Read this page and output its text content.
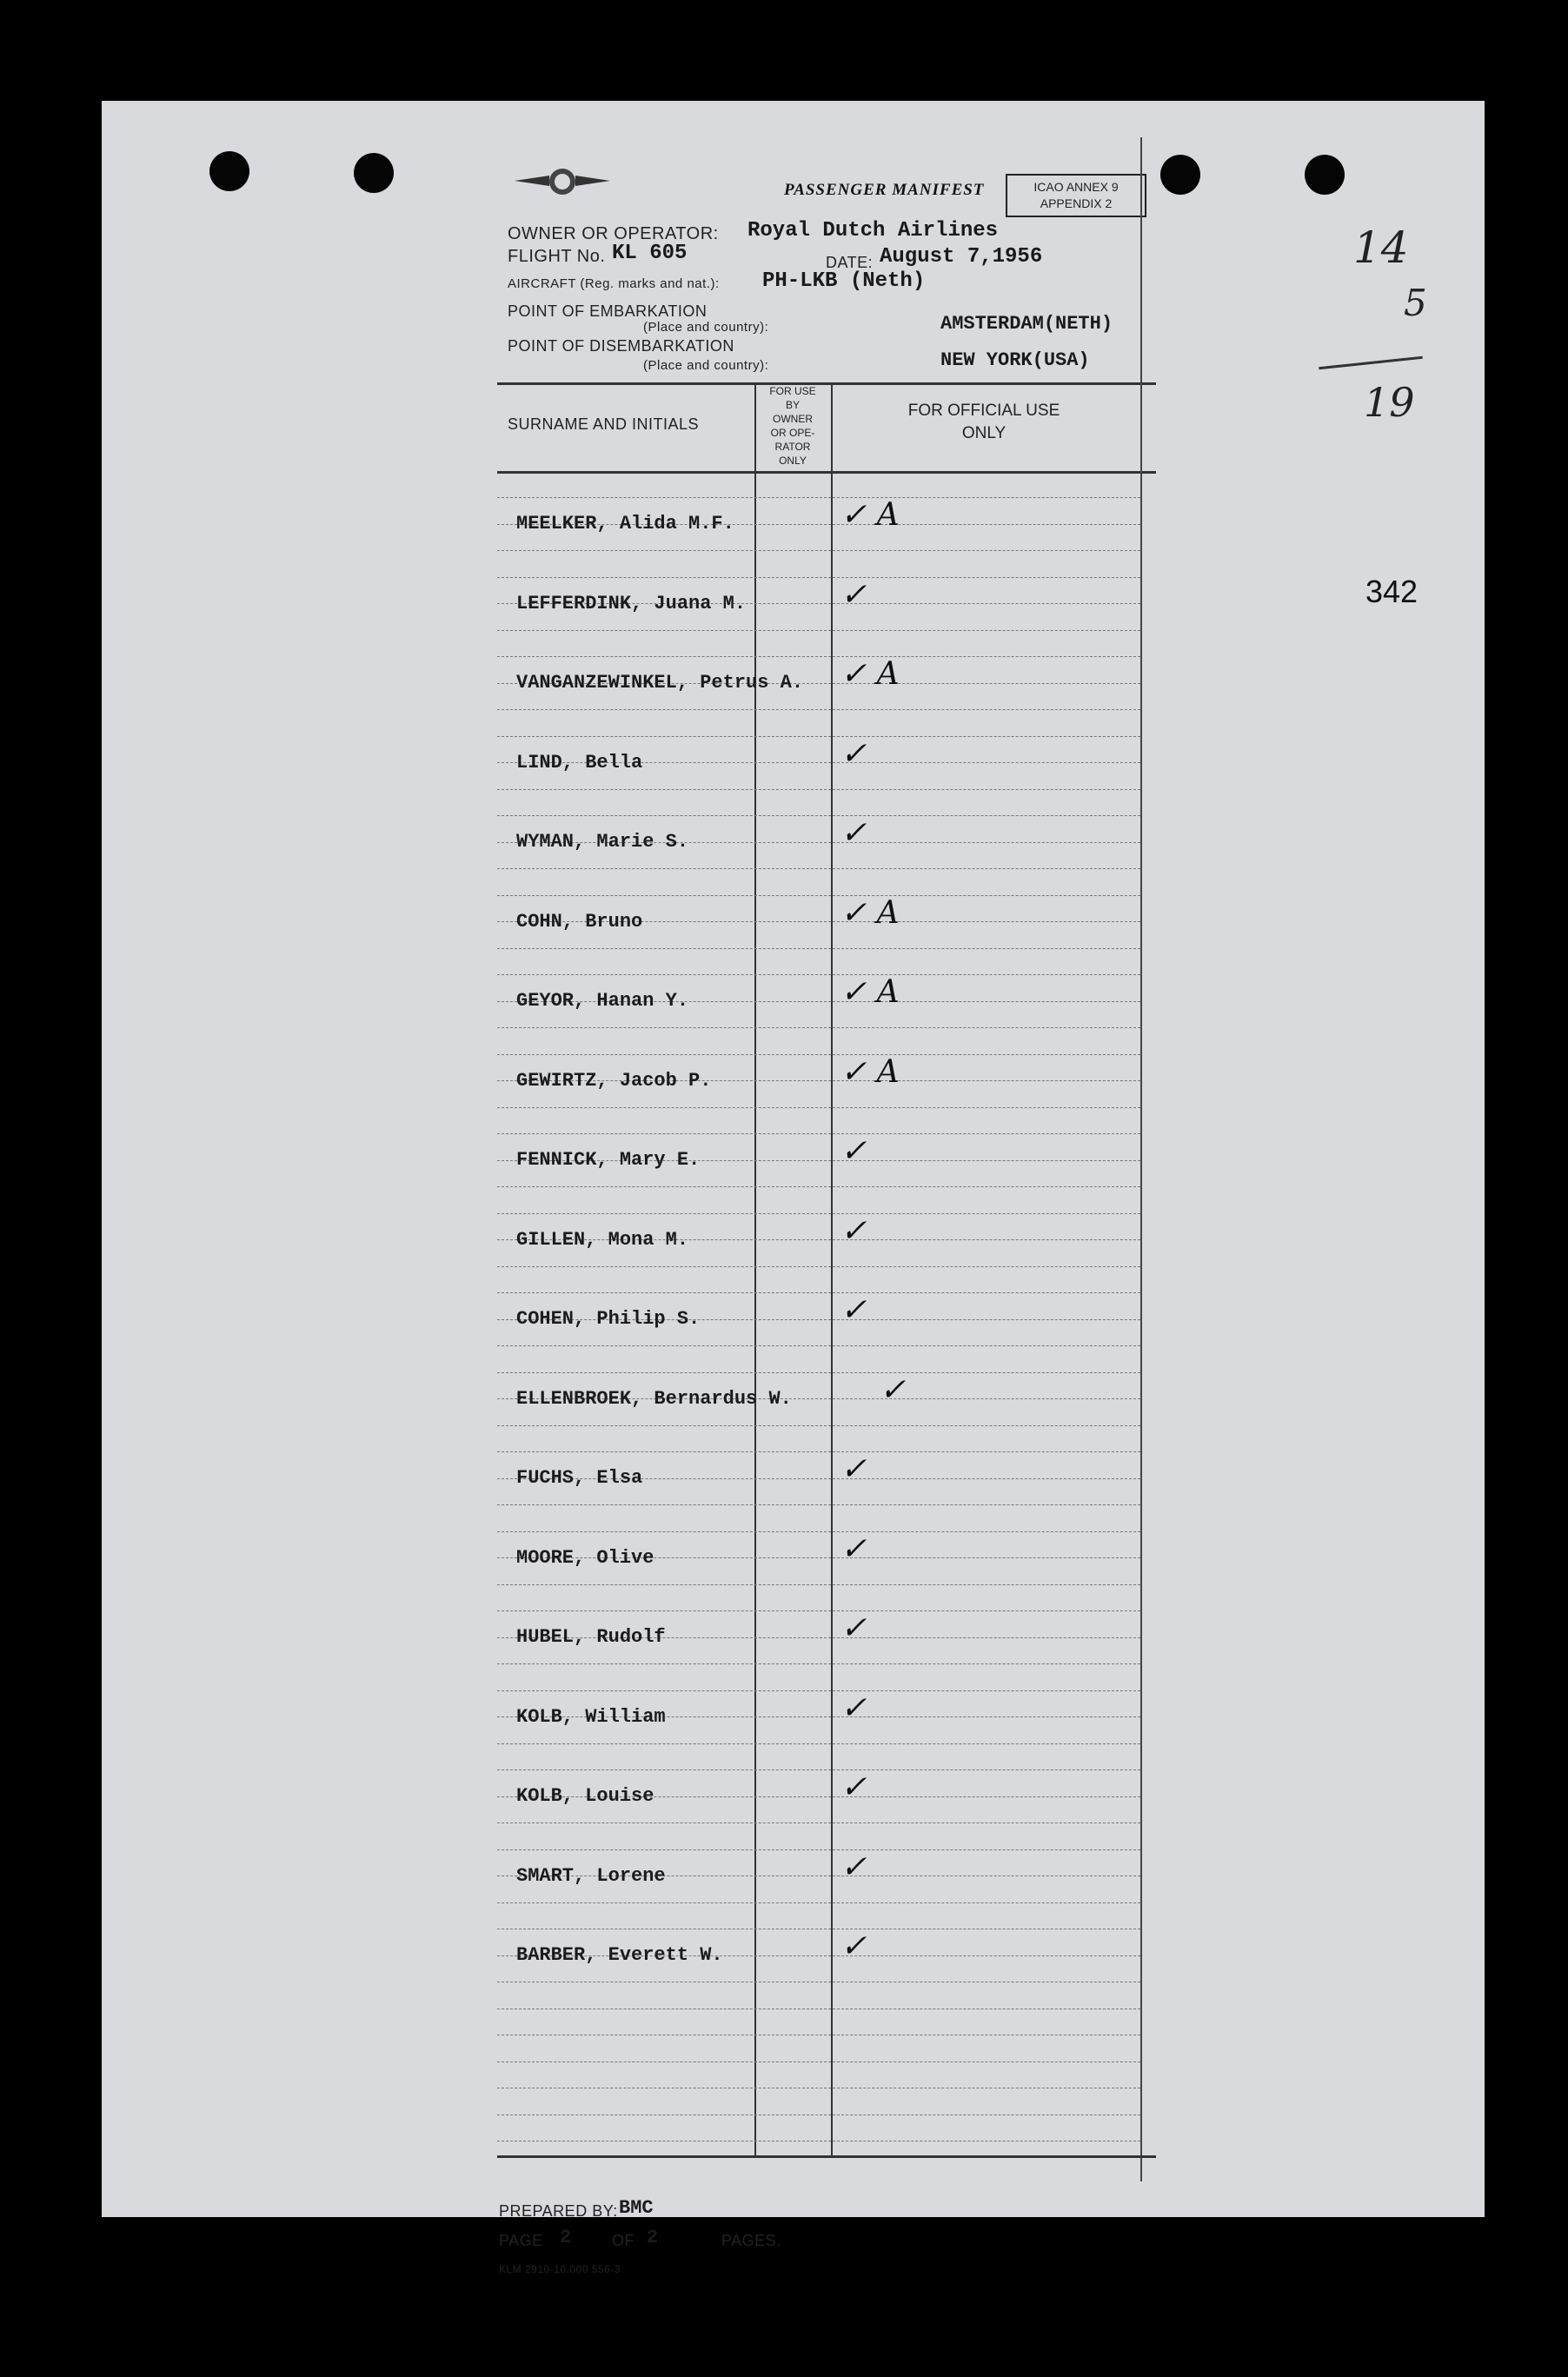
PASSENGER MANIFEST	ICAO ANNEX 9
APPENDIX 2
OWNER OR OPERATOR: Royal Dutch Airlines
FLIGHT No. KL 605	DATE: August 7,1956
AIRCRAFT (Reg. marks and nat.): PH-LKB (Neth)
POINT OF EMBARKATION
(Place and country):	AMSTERDAM(NETH)
POINT OF DISEMBARKATION
(Place and country):	NEW YORK(USA)
SURNAME AND INITIALS
FOR USE
BY
OWNER
OR OPE-
RATOR
ONLY
FOR OFFICIAL USE
ONLY
MEELKER, Alida M.F.	✓ A
LEFFERDINK, Juana M.	✓
VANGANZEWINKEL, Petrus A. ✓ A
LIND, Bella	✓
WYMAN, Marie S.	✓
COHN, Bruno	✓ A
GEYOR, Hanan Y.	✓ A
GEWIRTZ, Jacob P.	✓ A
FENNICK, Mary E.	✓
GILLEN, Mona M.	✓
COHEN, Philip S.	✓
ELLENBROEK, Bernardus W.	✓
FUCHS, Elsa	✓
MOORE, Olive	✓
HUBEL, Rudolf	✓
KOLB, William	✓
KOLB, Louise	✓
SMART, Lorene	✓
BARBER, Everett W.	✓
PREPARED BY: BMC
PAGE 2	OF 2	PAGES.
KLM 2910-10.000 556-3
14
5
19
342
